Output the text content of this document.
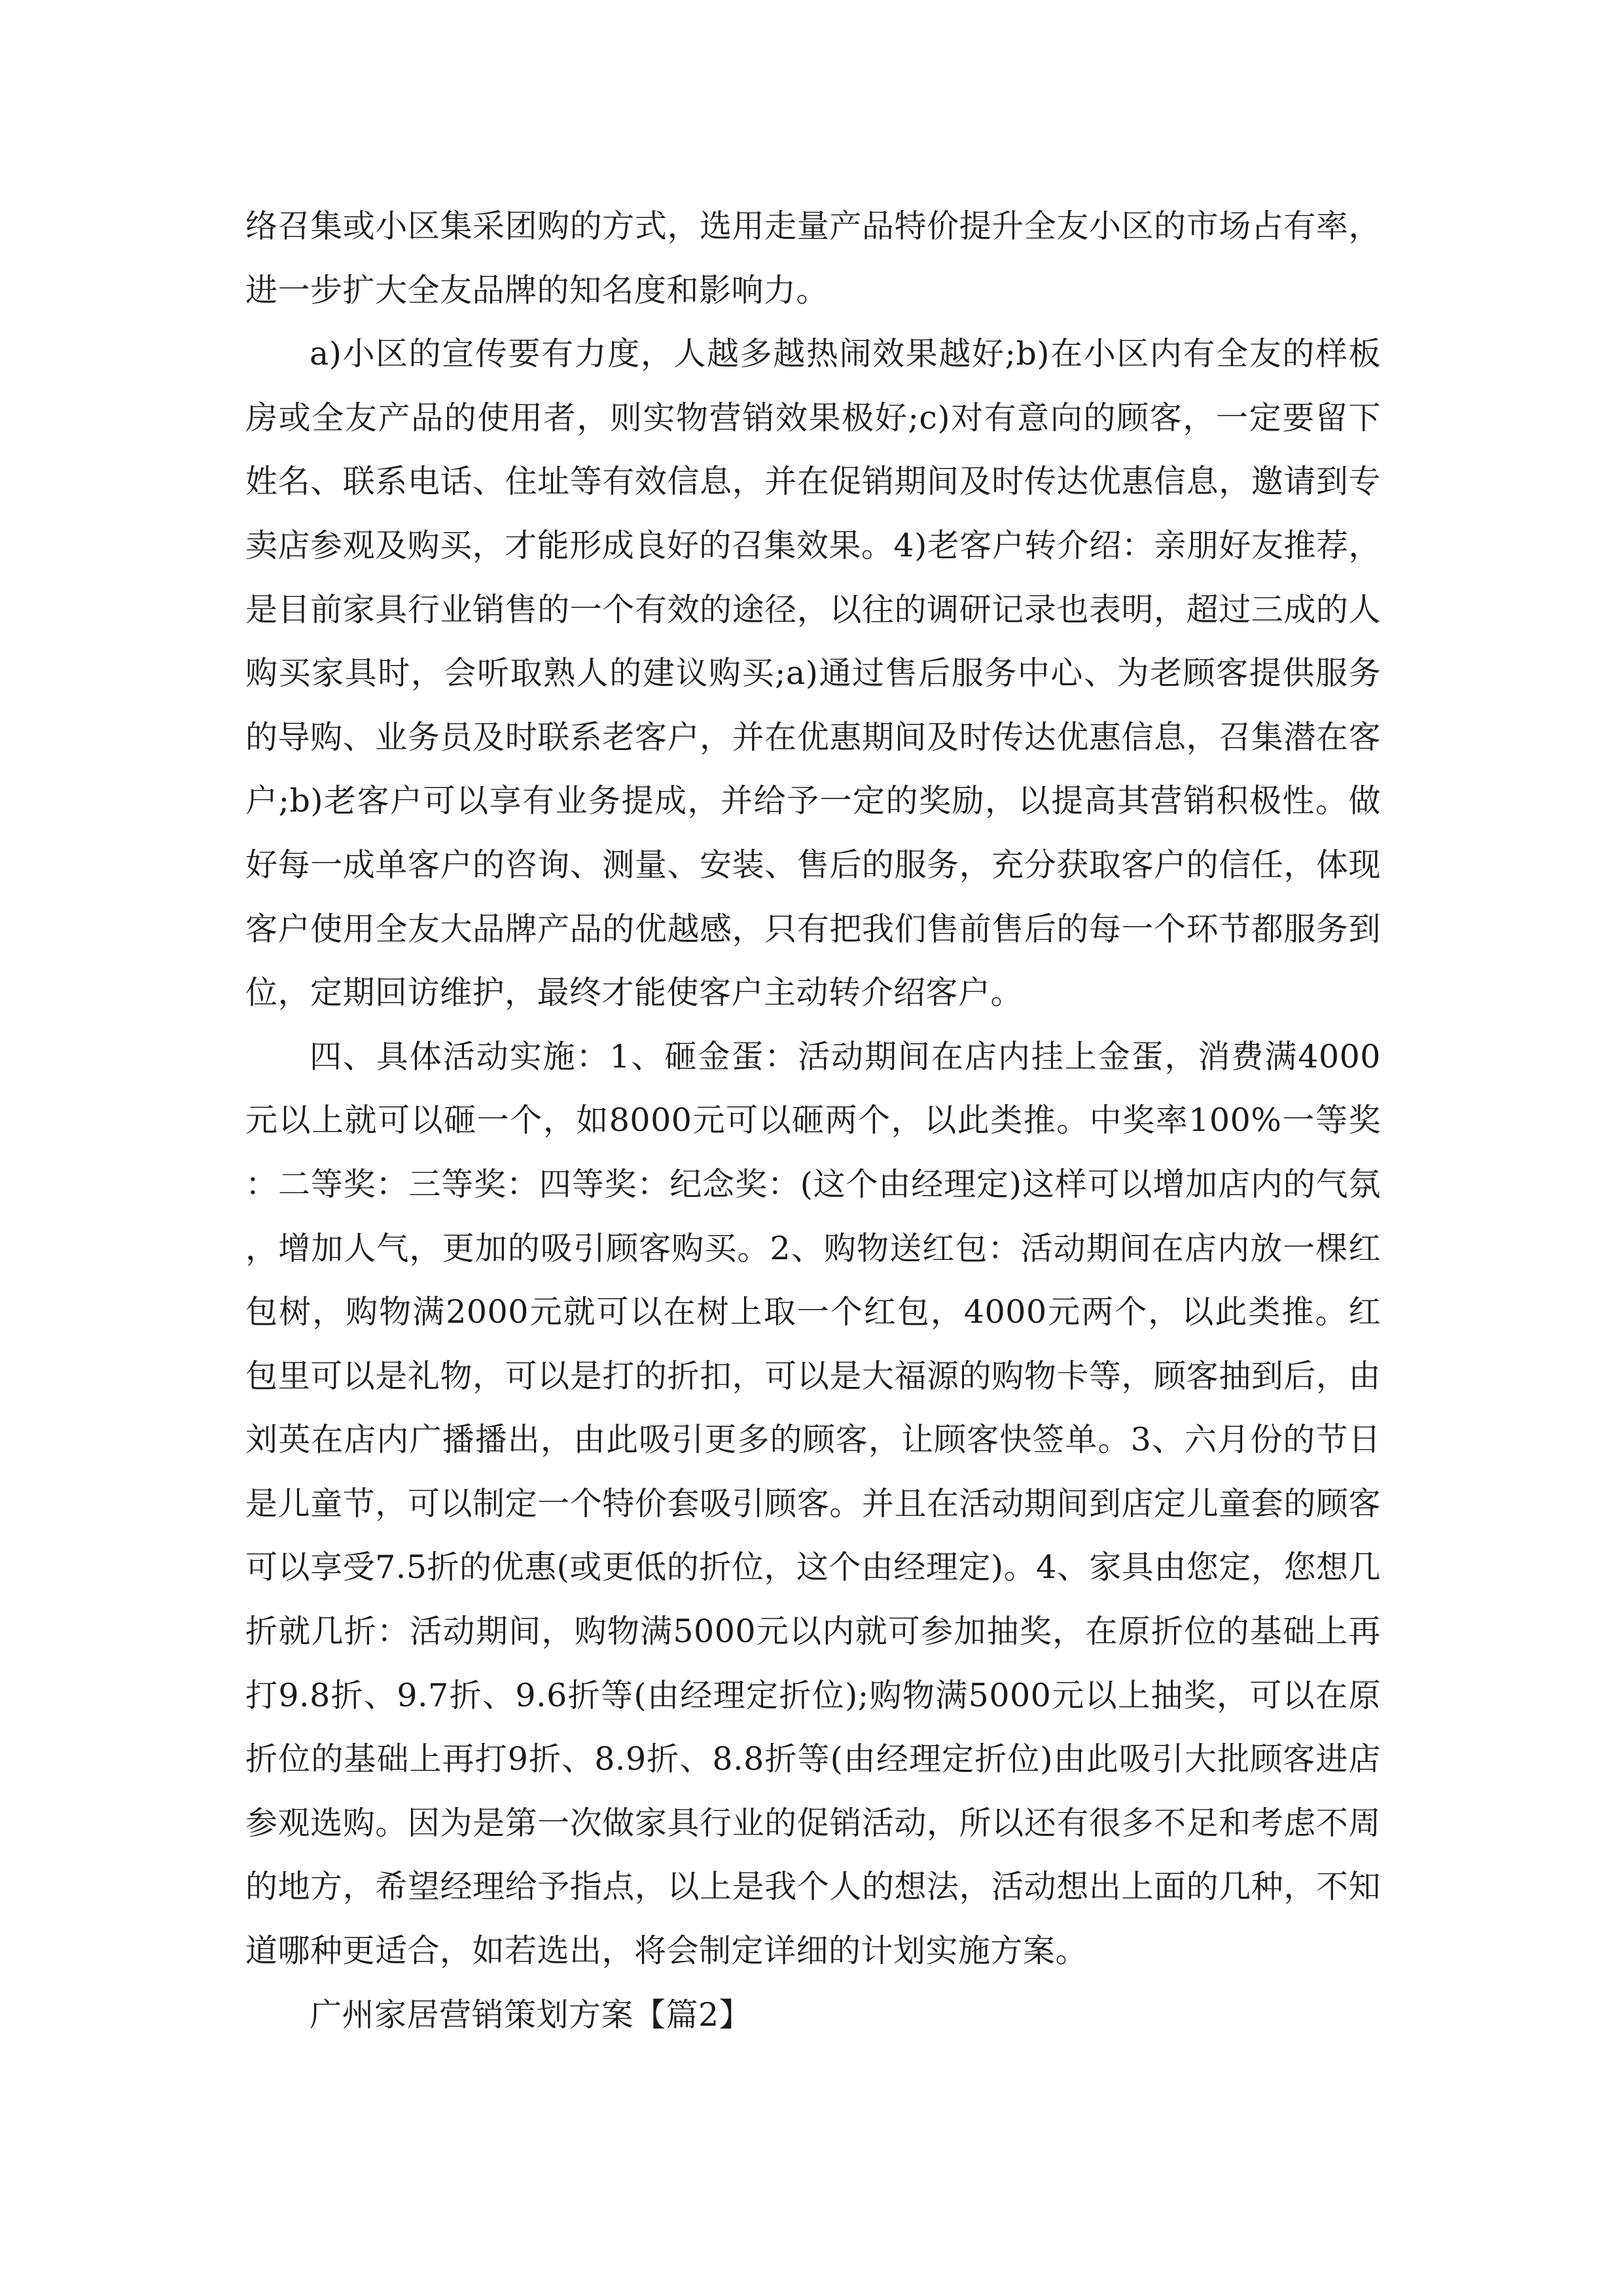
络召集或小区集采团购的方式，选用走量产品特价提升全友小区的市场占有率，进一步扩大全友品牌的知名度和影响力。

a)小区的宣传要有力度，人越多越热闹效果越好;b)在小区内有全友的样板房或全友产品的使用者，则实物营销效果极好;c)对有意向的顾客，一定要留下姓名、联系电话、住址等有效信息，并在促销期间及时传达优惠信息，邀请到专卖店参观及购买，才能形成良好的召集效果。4)老客户转介绍：亲朋好友推荐，是目前家具行业销售的一个有效的途径，以往的调研记录也表明，超过三成的人购买家具时，会听取熟人的建议购买;a)通过售后服务中心、为老顾客提供服务的导购、业务员及时联系老客户，并在优惠期间及时传达优惠信息，召集潜在客户;b)老客户可以享有业务提成，并给予一定的奖励，以提高其营销积极性。做好每一成单客户的咨询、测量、安装、售后的服务，充分获取客户的信任，体现客户使用全友大品牌产品的优越感，只有把我们售前售后的每一个环节都服务到位，定期回访维护，最终才能使客户主动转介绍客户。

四、具体活动实施：1、砸金蛋：活动期间在店内挂上金蛋，消费满4000元以上就可以砸一个，如8000元可以砸两个，以此类推。中奖率100%一等奖：二等奖：三等奖：四等奖：纪念奖：(这个由经理定)这样可以增加店内的气氛，增加人气，更加的吸引顾客购买。2、购物送红包：活动期间在店内放一棵红包树，购物满2000元就可以在树上取一个红包，4000元两个，以此类推。红包里可以是礼物，可以是打的折扣，可以是大福源的购物卡等，顾客抽到后，由刘英在店内广播播出，由此吸引更多的顾客，让顾客快签单。3、六月份的节日是儿童节，可以制定一个特价套吸引顾客。并且在活动期间到店定儿童套的顾客可以享受7.5折的优惠(或更低的折位，这个由经理定)。4、家具由您定，您想几折就几折：活动期间，购物满5000元以内就可参加抽奖，在原折位的基础上再打9.8折、9.7折、9.6折等(由经理定折位);购物满5000元以上抽奖，可以在原折位的基础上再打9折、8.9折、8.8折等(由经理定折位)由此吸引大批顾客进店参观选购。因为是第一次做家具行业的促销活动，所以还有很多不足和考虑不周的地方，希望经理给予指点，以上是我个人的想法，活动想出上面的几种，不知道哪种更适合，如若选出，将会制定详细的计划实施方案。

广州家居营销策划方案【篇2】
